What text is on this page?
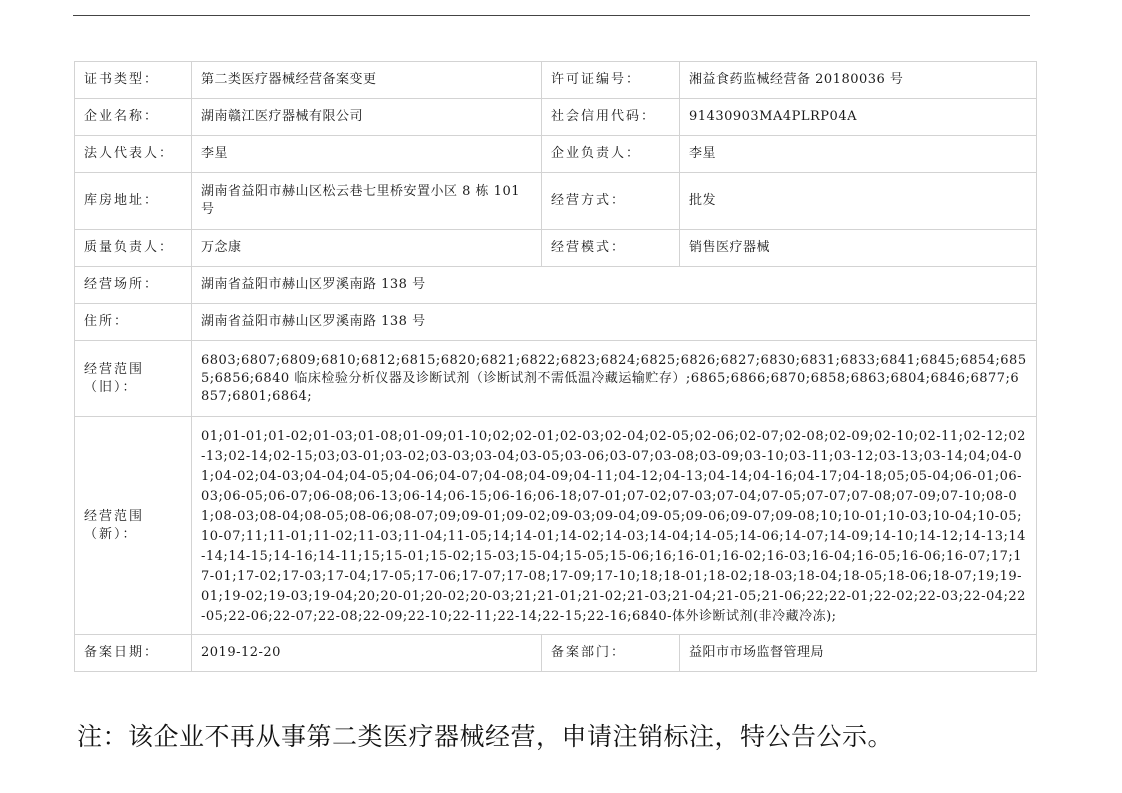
证书类型：	第二类医疗器械经营备案变更	许可证编号：	湘益食药监械经营备 20180036 号
企业名称：	湖南赣江医疗器械有限公司	社会信用代码：	91430903MA4PLRP04A
法人代表人：	李星	企业负责人：	李星
库房地址：	湖南省益阳市赫山区松云巷七里桥安置小区 8 栋 101 号	经营方式：	批发
质量负责人：	万念康	经营模式：	销售医疗器械
经营场所：	湖南省益阳市赫山区罗溪南路 138 号		
住所：	湖南省益阳市赫山区罗溪南路 138 号		
经营范围（旧）：	6803;6807;6809;6810;6812;6815;6820;6821;6822;6823;6824;6825;6826;6827;6830;6831;6833;6841;6845;6854;6855;6856;6840 临床检验分析仪器及诊断试剂（诊断试剂不需低温冷藏运输贮存）;6865;6866;6870;6858;6863;6804;6846;6877;6857;6801;6864;		
经营范围（新）：	01;01-01;01-02;01-03;01-08;01-09;01-10;02;02-01;02-03;02-04;02-05;02-06;02-07;02-08;02-09;02-10;02-11;02-12;02-13;02-14;02-15;03;03-01;03-02;03-03;03-04;03-05;03-06;03-07;03-08;03-09;03-10;03-11;03-12;03-13;03-14;04;04-01;04-02;04-03;04-04;04-05;04-06;04-07;04-08;04-09;04-11;04-12;04-13;04-14;04-16;04-17;04-18;05;05-04;06-01;06-03;06-05;06-07;06-08;06-13;06-14;06-15;06-16;06-18;07-01;07-02;07-03;07-04;07-05;07-07;07-08;07-09;07-10;08-01;08-03;08-04;08-05;08-06;08-07;09;09-01;09-02;09-03;09-04;09-05;09-06;09-07;09-08;10;10-01;10-03;10-04;10-05;10-07;11;11-01;11-02;11-03;11-04;11-05;14;14-01;14-02;14-03;14-04;14-05;14-06;14-07;14-09;14-10;14-12;14-13;14-14;14-15;14-16;14-11;15;15-01;15-02;15-03;15-04;15-05;15-06;16;16-01;16-02;16-03;16-04;16-05;16-06;16-07;17;17-01;17-02;17-03;17-04;17-05;17-06;17-07;17-08;17-09;17-10;18;18-01;18-02;18-03;18-04;18-05;18-06;18-07;19;19-01;19-02;19-03;19-04;20;20-01;20-02;20-03;21;21-01;21-02;21-03;21-04;21-05;21-06;22;22-01;22-02;22-03;22-04;22-05;22-06;22-07;22-08;22-09;22-10;22-11;22-14;22-15;22-16;6840-体外诊断试剂(非冷藏冷冻);		
备案日期：	2019-12-20	备案部门：	益阳市市场监督管理局
注：该企业不再从事第二类医疗器械经营，申请注销标注，特公告公示。
